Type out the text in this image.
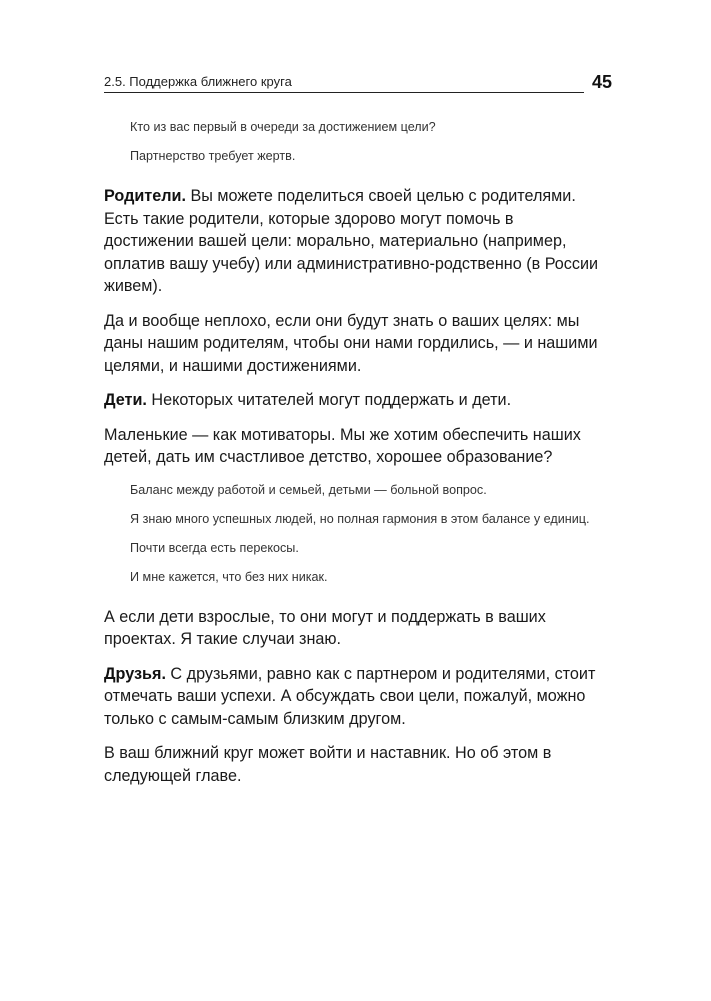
2.5. Поддержка ближнего круга	45

Кто из вас первый в очереди за достижением цели?

Партнерство требует жертв.

Родители. Вы можете поделиться своей целью с родителями. Есть такие родители, которые здорово могут помочь в достижении вашей цели: морально, материально (например, оплатив вашу учебу) или административно-родственно (в России живем).

Да и вообще неплохо, если они будут знать о ваших целях: мы даны нашим родителям, чтобы они нами гордились, — и нашими целями, и нашими достижениями.

Дети. Некоторых читателей могут поддержать и дети.

Маленькие — как мотиваторы. Мы же хотим обеспечить наших детей, дать им счастливое детство, хорошее образование?

Баланс между работой и семьей, детьми — больной вопрос.

Я знаю много успешных людей, но полная гармония в этом балансе у единиц.

Почти всегда есть перекосы.

И мне кажется, что без них никак.

А если дети взрослые, то они могут и поддержать в ваших проектах. Я такие случаи знаю.

Друзья. С друзьями, равно как с партнером и родителями, стоит отмечать ваши успехи. А обсуждать свои цели, пожалуй, можно только с самым-самым близким другом.

В ваш ближний круг может войти и наставник. Но об этом в следующей главе.
